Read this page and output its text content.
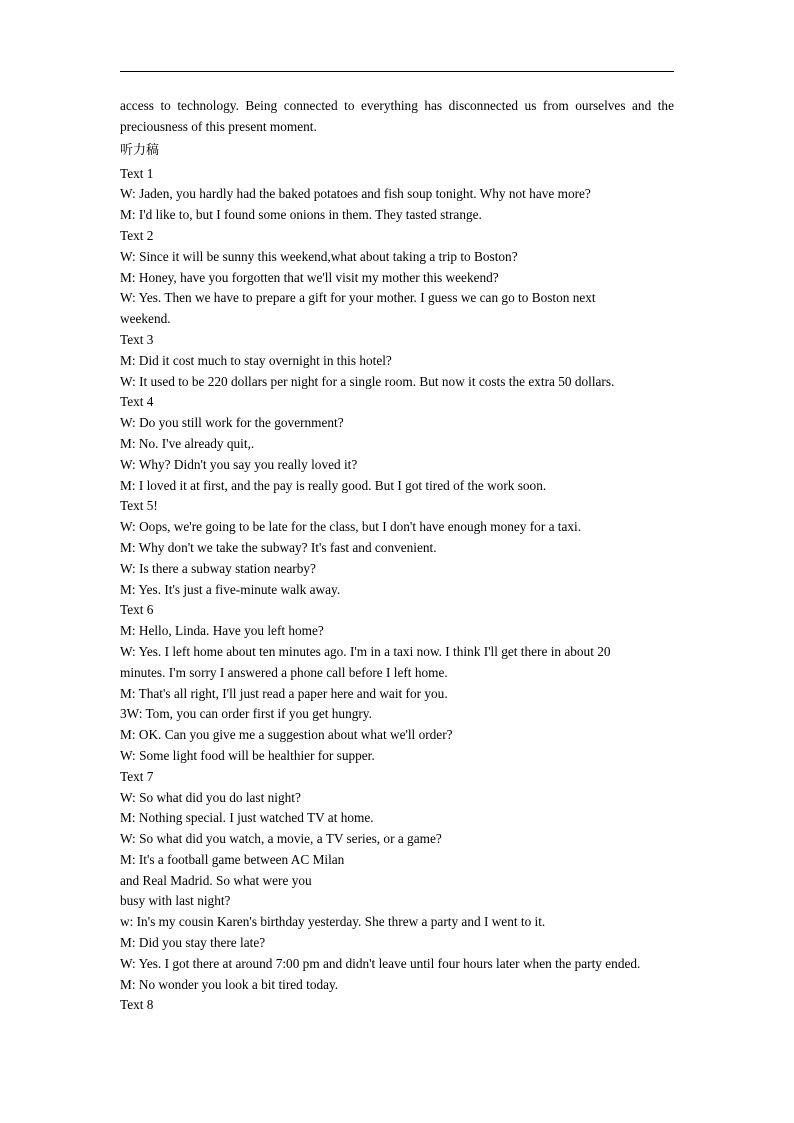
access to technology. Being connected to everything has disconnected us from ourselves and the preciousness of this present moment.

听力稿

Text 1

W: Jaden, you hardly had the baked potatoes and fish soup tonight. Why not have more?

M: I'd like to, but I found some onions in them. They tasted strange.

Text 2

W: Since it will be sunny this weekend,what about taking a trip to Boston?

M: Honey, have you forgotten that we'll visit my mother this weekend?

W: Yes. Then we have to prepare a gift for your mother. I guess we can go to Boston next

weekend.

Text 3

M: Did it cost much to stay overnight in this hotel?

W: It used to be 220 dollars per night for a single room. But now it costs the extra 50 dollars.

Text 4

W: Do you still work for the government?

M: No. I've already quit,.

W: Why? Didn't you say you really loved it?

M: I loved it at first, and the pay is really good. But I got tired of the work soon.

Text 5!

W: Oops, we're going to be late for the class, but I don't have enough money for a taxi.

M: Why don't we take the subway? It's fast and convenient.

W: Is there a subway station nearby?

M: Yes. It's just a five-minute walk away.

Text 6

M: Hello, Linda. Have you left home?

W: Yes. I left home about ten minutes ago. I'm in a taxi now. I think I'll get there in about 20

minutes. I'm sorry I answered a phone call before I left home.

M: That's all right, I'll just read a paper here and wait for you.

3W: Tom, you can order first if you get hungry.

M: OK. Can you give me a suggestion about what we'll order?

W: Some light food will be healthier for supper.

Text 7

W: So what did you do last night?

M: Nothing special. I just watched TV at home.

W: So what did you watch, a movie, a TV series, or a game?

M: It's a football game between AC Milan

and Real Madrid. So what were you

busy with last night?

w: In's my cousin Karen's birthday yesterday. She threw a party and I went to it.

M: Did you stay there late?

W: Yes. I got there at around 7:00 pm and didn't leave until four hours later when the party ended.

M: No wonder you look a bit tired today.

Text 8
